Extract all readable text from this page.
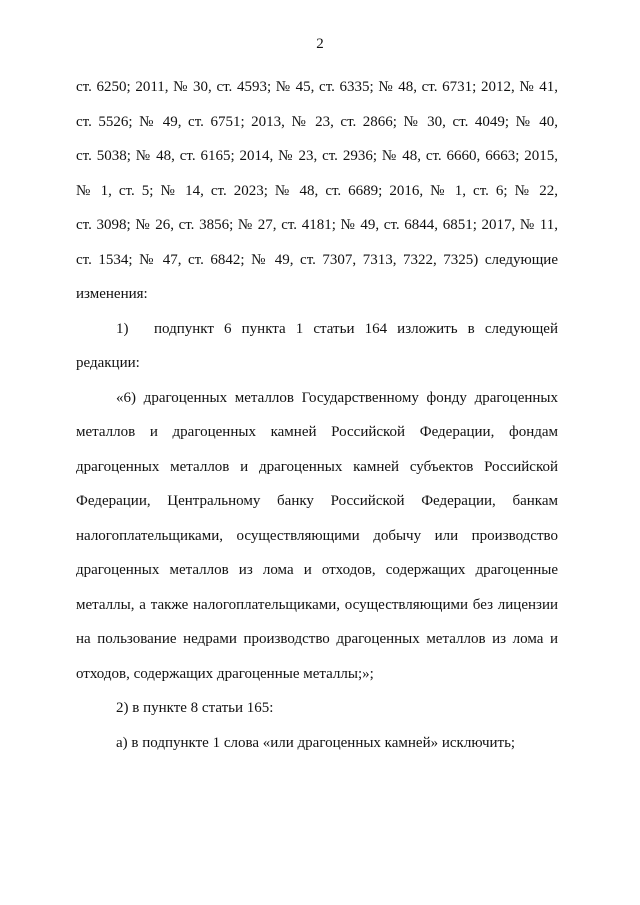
2
ст. 6250; 2011, № 30, ст. 4593; № 45, ст. 6335; № 48, ст. 6731; 2012, № 41,
ст. 5526; № 49, ст. 6751; 2013, № 23, ст. 2866; № 30, ст. 4049; № 40,
ст. 5038; № 48, ст. 6165; 2014, № 23, ст. 2936; № 48, ст. 6660, 6663; 2015,
№ 1, ст. 5; № 14, ст. 2023; № 48, ст. 6689; 2016, № 1, ст. 6; № 22,
ст. 3098; № 26, ст. 3856; № 27, ст. 4181; № 49, ст. 6844, 6851; 2017, № 11,
ст. 1534; № 47, ст. 6842; № 49, ст. 7307, 7313, 7322, 7325) следующие
изменения:
1)	подпункт 6 пункта 1 статьи 164 изложить в следующей
редакции:
«6) драгоценных металлов Государственному фонду драгоценных
металлов и драгоценных камней Российской Федерации, фондам
драгоценных металлов и драгоценных камней субъектов Российской
Федерации, Центральному банку Российской Федерации, банкам
налогоплательщиками, осуществляющими добычу или производство
драгоценных металлов из лома и отходов, содержащих драгоценные
металлы, а также налогоплательщиками, осуществляющими без лицензии
на пользование недрами производство драгоценных металлов из лома и
отходов, содержащих драгоценные металлы;»;
2) в пункте 8 статьи 165:
а) в подпункте 1 слова «или драгоценных камней» исключить;
